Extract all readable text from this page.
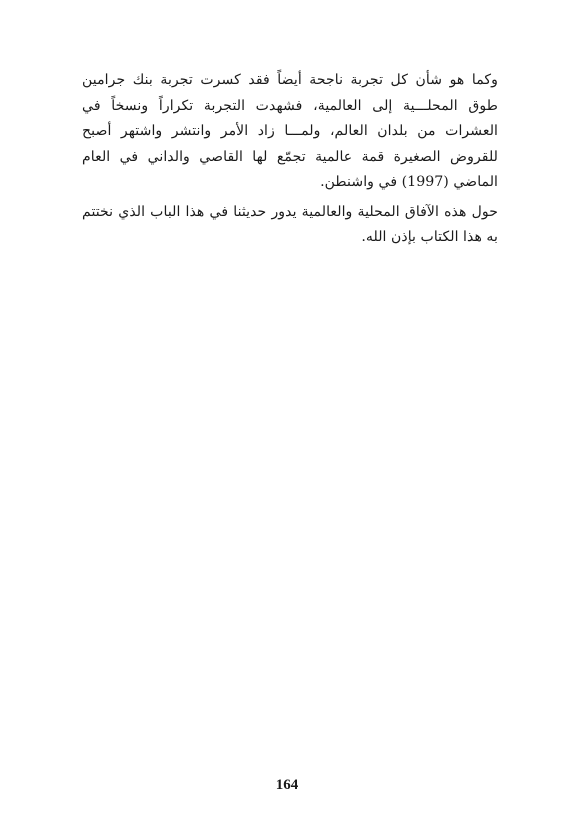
وكما هو شأن كل تجربة ناجحة أيضاً فقد كسرت تجربة بنك جرامين طوق المحلـــية إلى العالمية، فشهدت التجربة تكراراً ونسخاً في العشرات من بلدان العالم، ولمـــا زاد الأمر وانتشر واشتهر أصبح للقروض الصغيرة قمة عالمية تجمّع لها القاصي والداني في العام الماضي (1997) في واشنطن.

حول هذه الآفاق المحلية والعالمية يدور حديثنا في هذا الباب الذي نختتم به هذا الكتاب بإذن الله.

164
